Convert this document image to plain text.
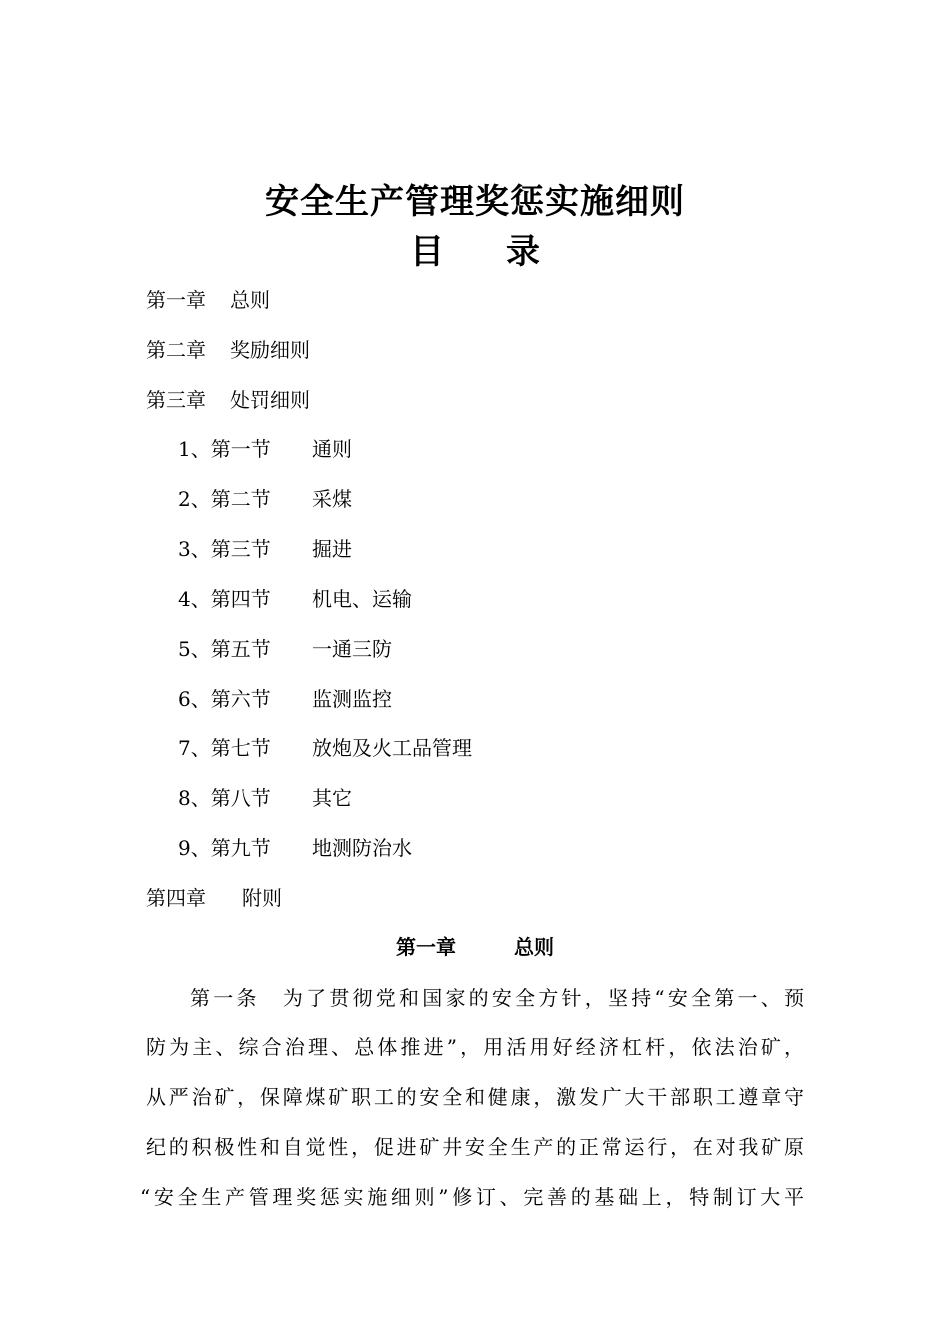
安全生产管理奖惩实施细则
目 录
第一章 总则
第二章 奖励细则
第三章 处罚细则
1、第一节 通则
2、第二节 采煤
3、第三节 掘进
4、第四节 机电、运输
5、第五节 一通三防
6、第六节 监测监控
7、第七节 放炮及火工品管理
8、第八节 其它
9、第九节 地测防治水
第四章 附则
第一章	总则
第一条　为了贯彻党和国家的安全方针，坚持“安全第一、预
防为主、综合治理、总体推进”，用活用好经济杠杆，依法治矿，
从严治矿，保障煤矿职工的安全和健康，激发广大干部职工遵章守
纪的积极性和自觉性，促进矿井安全生产的正常运行，在对我矿原
“安全生产管理奖惩实施细则”修订、完善的基础上，特制订大平
